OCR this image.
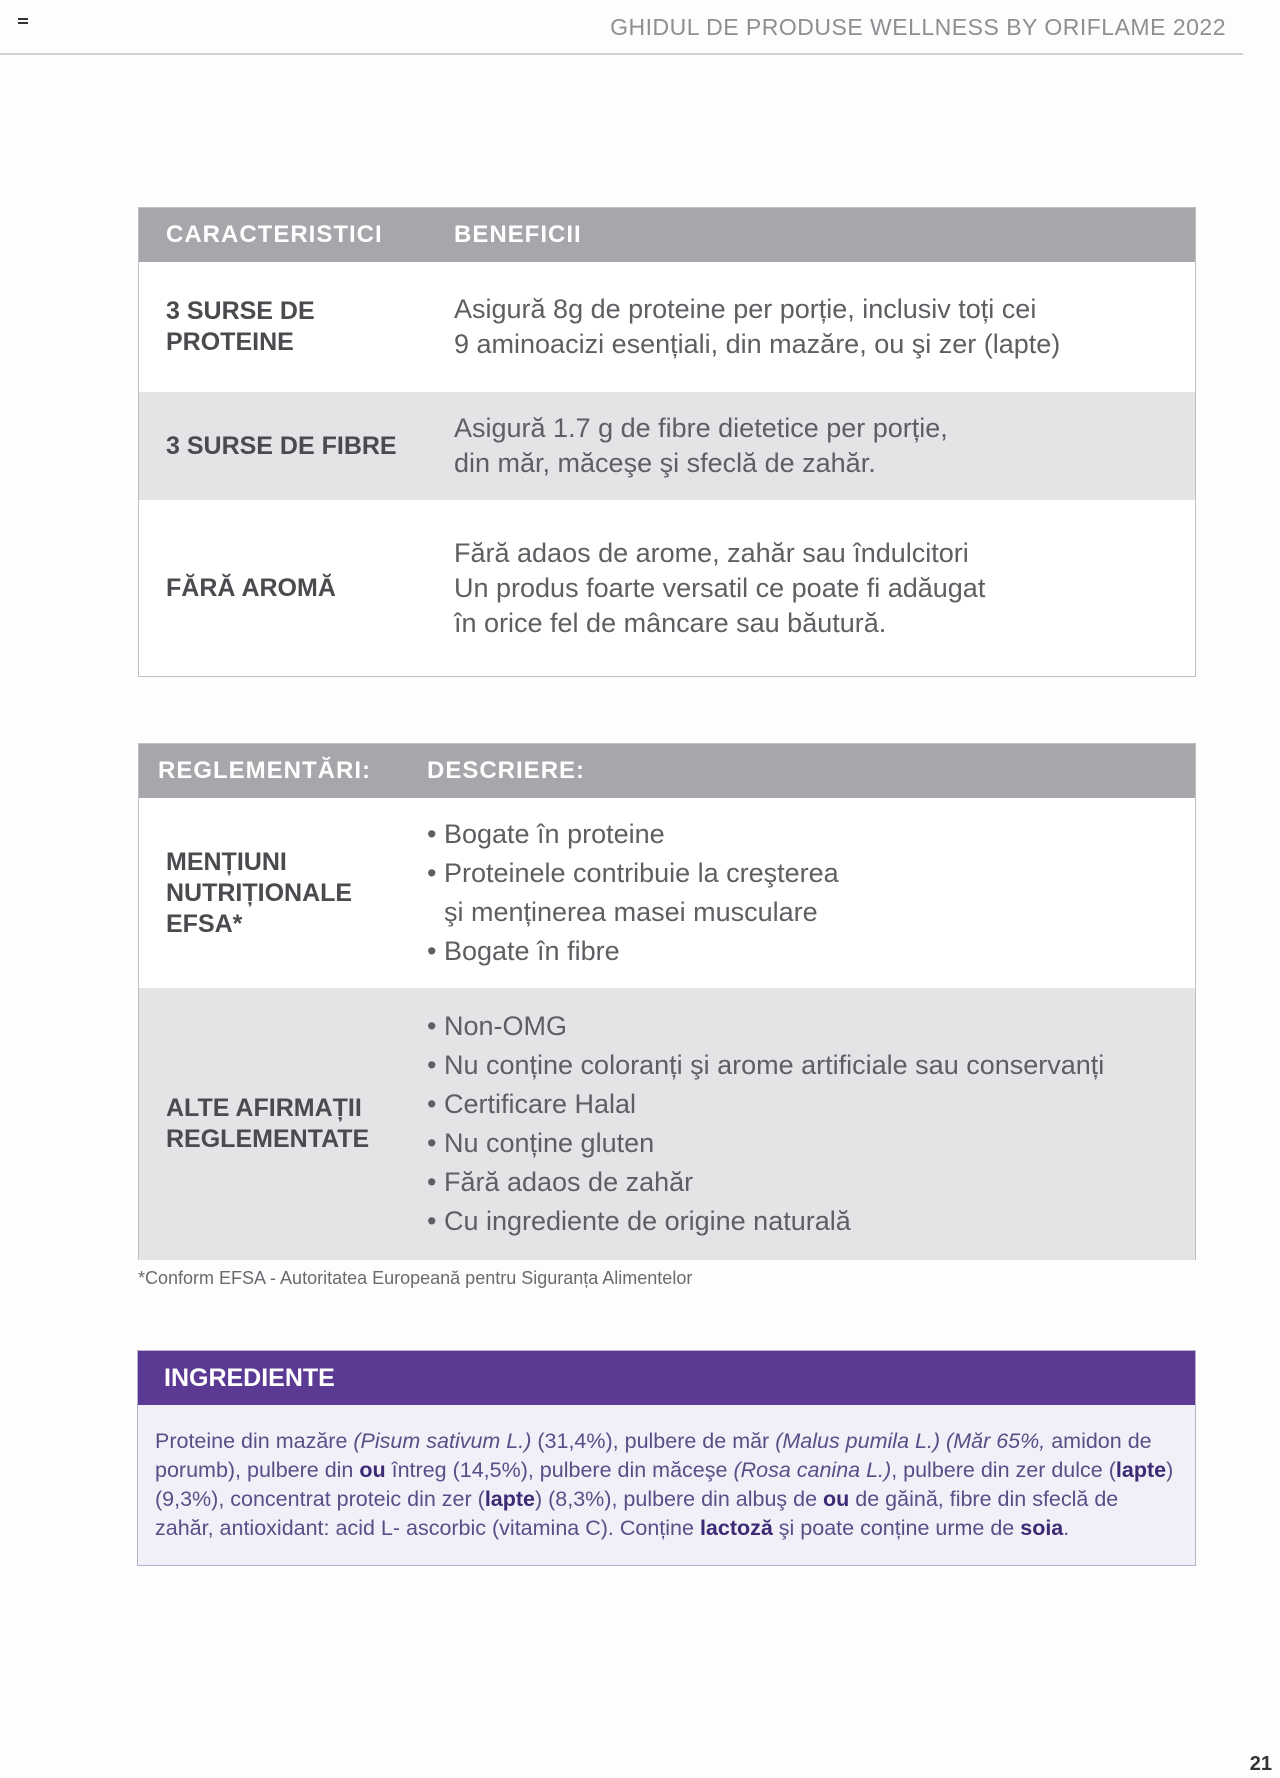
GHIDUL DE PRODUSE WELLNESS BY ORIFLAME 2022
CARACTERISTICI	BENEFICII
3 SURSE DE PROTEINE
Asigură 8g de proteine per porție, inclusiv toți cei
9 aminoacizi esențiali, din mazăre, ou şi zer (lapte)
3 SURSE DE FIBRE
Asigură 1.7 g de fibre dietetice per porție,
din măr, măceşe şi sfeclă de zahăr.
FĂRĂ AROMĂ
Fără adaos de arome, zahăr sau îndulcitori
Un produs foarte versatil ce poate fi adăugat
în orice fel de mâncare sau băutură.
REGLEMENTĂRI:	DESCRIERE:
MENȚIUNI
NUTRIȚIONALE
EFSA*
• Bogate în proteine
• Proteinele contribuie la creşterea
şi menținerea masei musculare
• Bogate în fibre
ALTE AFIRMAȚII
REGLEMENTATE
• Non-OMG
• Nu conține coloranți şi arome artificiale sau conservanți
• Certificare Halal
• Nu conține gluten
• Fără adaos de zahăr
• Cu ingrediente de origine naturală
*Conform EFSA - Autoritatea Europeană pentru Siguranța Alimentelor
INGREDIENTE
Proteine din mazăre (Pisum sativum L.) (31,4%), pulbere de măr (Malus pumila L.) (Măr 65%, amidon de porumb), pulbere din ou întreg (14,5%), pulbere din măceşe (Rosa canina L.), pulbere din zer dulce (lapte) (9,3%), concentrat proteic din zer (lapte) (8,3%), pulbere din albuş de ou de găină, fibre din sfeclă de zahăr, antioxidant: acid L- ascorbic (vitamina C). Conține lactoză şi poate conține urme de soia.
21
